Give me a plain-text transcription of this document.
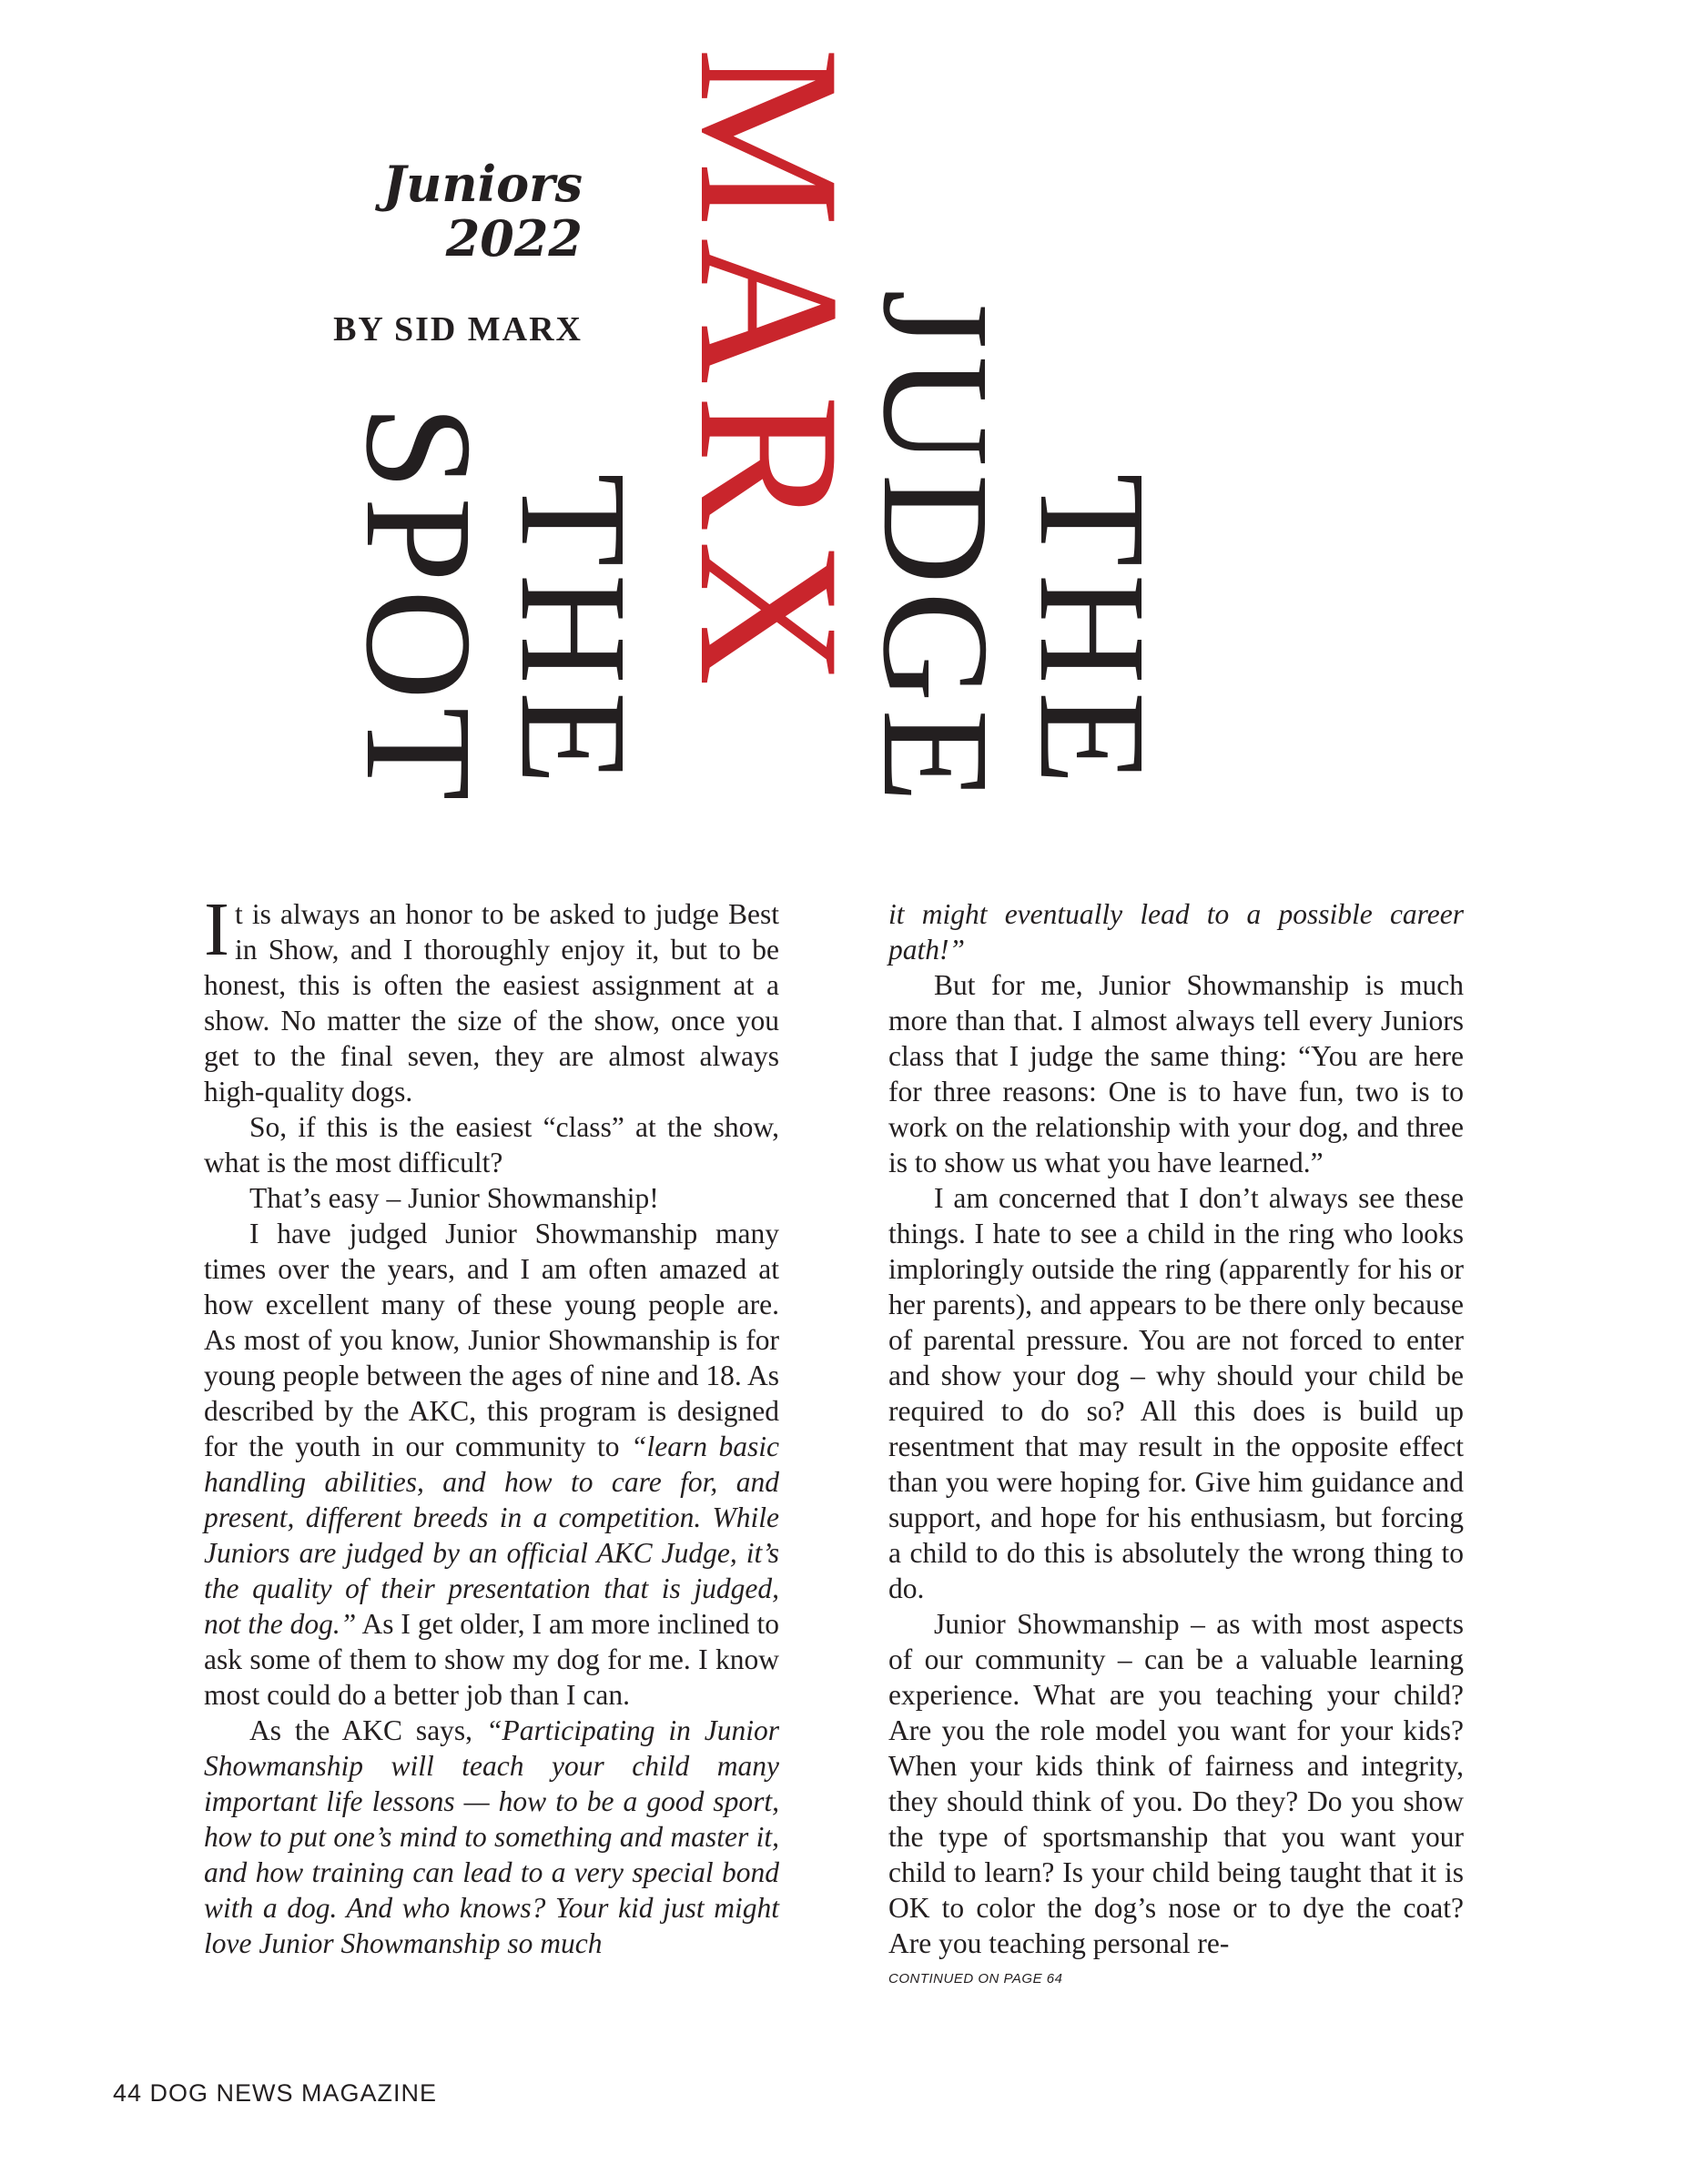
Juniors
2022
BY SID MARX
THE
JUDGE
MARX
THE
SPOT

It is always an honor to be asked to judge Best in Show, and I thoroughly enjoy it, but to be honest, this is often the easiest assignment at a show. No matter the size of the show, once you get to the final seven, they are almost always high-quality dogs.

So, if this is the easiest “class” at the show, what is the most difficult?

That’s easy – Junior Showmanship!

I have judged Junior Showmanship many times over the years, and I am often amazed at how excellent many of these young people are. As most of you know, Junior Showmanship is for young people between the ages of nine and 18. As described by the AKC, this program is designed for the youth in our community to “learn basic handling abilities, and how to care for, and present, different breeds in a competition. While Juniors are judged by an official AKC Judge, it’s the quality of their presentation that is judged, not the dog.” As I get older, I am more inclined to ask some of them to show my dog for me. I know most could do a better job than I can.

As the AKC says, “Participating in Junior Showmanship will teach your child many important life lessons — how to be a good sport, how to put one’s mind to something and master it, and how training can lead to a very special bond with a dog. And who knows? Your kid just might love Junior Showmanship so much

it might eventually lead to a possible career path!”

But for me, Junior Showmanship is much more than that. I almost always tell every Juniors class that I judge the same thing: “You are here for three reasons: One is to have fun, two is to work on the relationship with your dog, and three is to show us what you have learned.”

I am concerned that I don’t always see these things. I hate to see a child in the ring who looks imploringly outside the ring (apparently for his or her parents), and appears to be there only because of parental pressure. You are not forced to enter and show your dog – why should your child be required to do so? All this does is build up resentment that may result in the opposite effect than you were hoping for. Give him guidance and support, and hope for his enthusiasm, but forcing a child to do this is absolutely the wrong thing to do.

Junior Showmanship – as with most aspects of our community – can be a valuable learning experience. What are you teaching your child? Are you the role model you want for your kids? When your kids think of fairness and integrity, they should think of you. Do they? Do you show the type of sportsmanship that you want your child to learn? Is your child being taught that it is OK to color the dog’s nose or to dye the coat? Are you teaching personal re-

CONTINUED ON PAGE 64

44 DOG NEWS MAGAZINE
